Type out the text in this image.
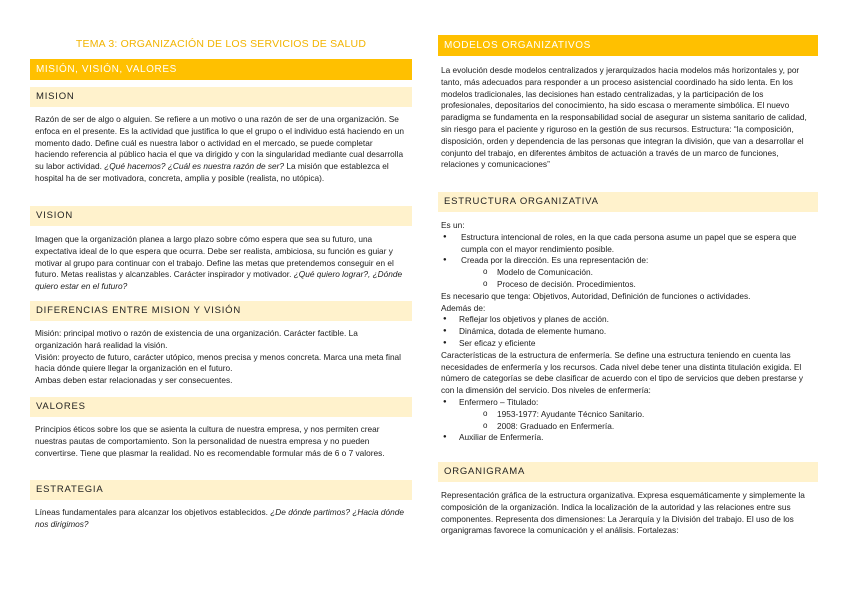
TEMA 3: ORGANIZACIÓN DE LOS SERVICIOS DE SALUD
MISIÓN, VISIÓN, VALORES
MISION
Razón de ser de algo o alguien. Se refiere a un motivo o una razón de ser de una organización. Se enfoca en el presente. Es la actividad que justifica lo que el grupo o el individuo está haciendo en un momento dado. Define cuál es nuestra labor o actividad en el mercado, se puede completar haciendo referencia al público hacia el que va dirigido y con la singularidad mediante cual desarrolla su labor actividad. ¿Qué hacemos? ¿Cuál es nuestra razón de ser? La misión que establezca el hospital ha de ser motivadora, concreta, amplia y posible (realista, no utópica).
VISION
Imagen que la organización planea a largo plazo sobre cómo espera que sea su futuro, una expectativa ideal de lo que espera que ocurra. Debe ser realista, ambiciosa, su función es guiar y motivar al grupo para continuar con el trabajo. Define las metas que pretendemos conseguir en el futuro. Metas realistas y alcanzables. Carácter inspirador y motivador. ¿Qué quiero lograr?, ¿Dónde quiero estar en el futuro?
DIFERENCIAS ENTRE MISION Y VISIÓN
Misión: principal motivo o razón de existencia de una organización. Carácter factible. La organización hará realidad la visión.
Visión: proyecto de futuro, carácter utópico, menos precisa y menos concreta. Marca una meta final hacia dónde quiere llegar la organización en el futuro.
Ambas deben estar relacionadas y ser consecuentes.
VALORES
Principios éticos sobre los que se asienta la cultura de nuestra empresa, y nos permiten crear nuestras pautas de comportamiento. Son la personalidad de nuestra empresa y no pueden convertirse. Tiene que plasmar la realidad. No es recomendable formular más de 6 o 7 valores.
ESTRATEGIA
Líneas fundamentales para alcanzar los objetivos establecidos. ¿De dónde partimos? ¿Hacia dónde nos dirigimos?
MODELOS ORGANIZATIVOS
La evolución desde modelos centralizados y jerarquizados hacia modelos más horizontales y, por tanto, más adecuados para responder a un proceso asistencial coordinado ha sido lenta. En los modelos tradicionales, las decisiones han estado centralizadas, y la participación de los profesionales, depositarios del conocimiento, ha sido escasa o meramente simbólica. El nuevo paradigma se fundamenta en la responsabilidad social de asegurar un sistema sanitario de calidad, sin riesgo para el paciente y riguroso en la gestión de sus recursos. Estructura: “la composición, disposición, orden y dependencia de las personas que integran la división, que van a desarrollar el conjunto del trabajo, en diferentes ámbitos de actuación a través de un marco de funciones, relaciones y comunicaciones”
ESTRUCTURA ORGANIZATIVA
Es un:
● Estructura intencional de roles, en la que cada persona asume un papel que se espera que cumpla con el mayor rendimiento posible.
● Creada por la dirección. Es una representación de:
o Modelo de Comunicación.
o Proceso de decisión. Procedimientos.
Es necesario que tenga: Objetivos, Autoridad, Definición de funciones o actividades.
Además de:
● Reflejar los objetivos y planes de acción.
● Dinámica, dotada de elemente humano.
● Ser eficaz y eficiente
Características de la estructura de enfermería. Se define una estructura teniendo en cuenta las necesidades de enfermería y los recursos. Cada nivel debe tener una distinta titulación exigida. El número de categorías se debe clasificar de acuerdo con el tipo de servicios que deben prestarse y con la dimensión del servicio. Dos niveles de enfermería:
● Enfermero – Titulado:
o 1953-1977: Ayudante Técnico Sanitario.
o 2008: Graduado en Enfermería.
● Auxiliar de Enfermería.
ORGANIGRAMA
Representación gráfica de la estructura organizativa. Expresa esquemáticamente y simplemente la composición de la organización. Indica la localización de la autoridad y las relaciones entre sus componentes. Representa dos dimensiones: La Jerarquía y la División del trabajo. El uso de los organigramas favorece la comunicación y el análisis. Fortalezas:
